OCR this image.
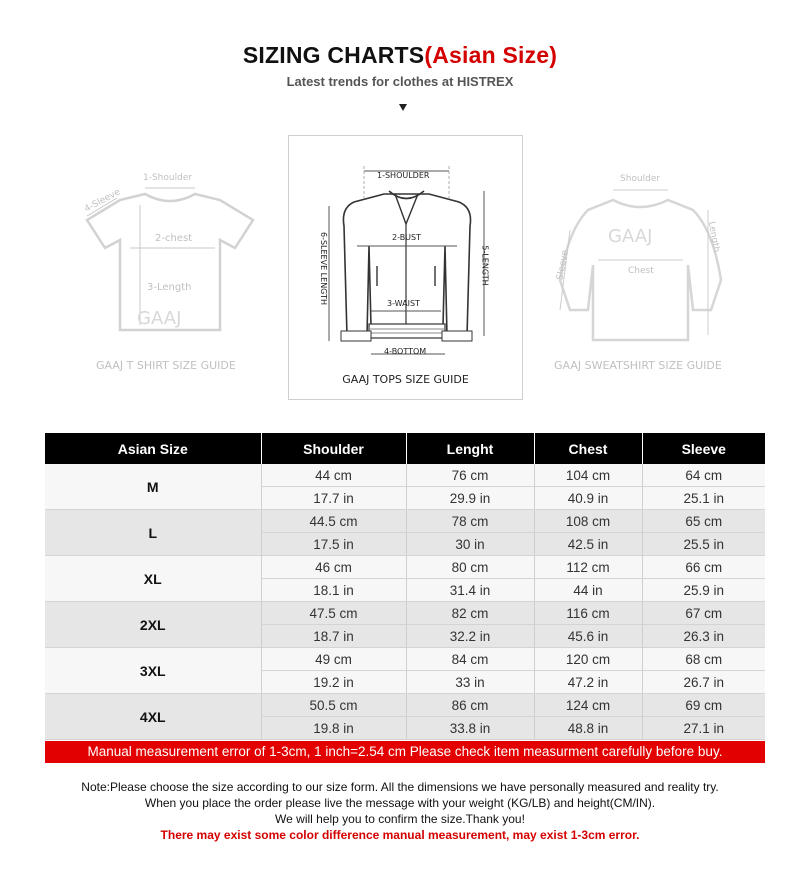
SIZING CHARTS(Asian Size)
Latest trends for clothes at HISTREX
1-Shoulder
4-Sleeve
2-chest
3-Length
GAAJ
GAAJ T SHIRT SIZE GUIDE
1-SHOULDER
2-BUST
3-WAIST
4-BOTTOM
5-LENGTH
6-SLEEVE LENGTH
GAAJ TOPS SIZE GUIDE
Shoulder
GAAJ
Chest
Sleeve
Length
GAAJ SWEATSHIRT SIZE GUIDE
Asian Size	Shoulder	Lenght	Chest	Sleeve
M	44 cm	76 cm	104 cm	64 cm
	17.7 in	29.9 in	40.9 in	25.1 in
L	44.5 cm	78 cm	108 cm	65 cm
	17.5 in	30 in	42.5 in	25.5 in
XL	46 cm	80 cm	112 cm	66 cm
	18.1 in	31.4 in	44 in	25.9 in
2XL	47.5 cm	82 cm	116 cm	67 cm
	18.7 in	32.2 in	45.6 in	26.3 in
3XL	49 cm	84 cm	120 cm	68 cm
	19.2 in	33 in	47.2 in	26.7 in
4XL	50.5 cm	86 cm	124 cm	69 cm
	19.8 in	33.8 in	48.8 in	27.1 in
Manual measurement error of 1-3cm, 1 inch=2.54 cm Please check item measurment carefully before buy.
Note:Please choose the size according to our size form. All the dimensions we have personally measured and reality try.
When you place the order please live the message with your weight (KG/LB) and height(CM/IN).
We will help you to confirm the size.Thank you!
There may exist some color difference manual measurement, may exist 1-3cm error.
